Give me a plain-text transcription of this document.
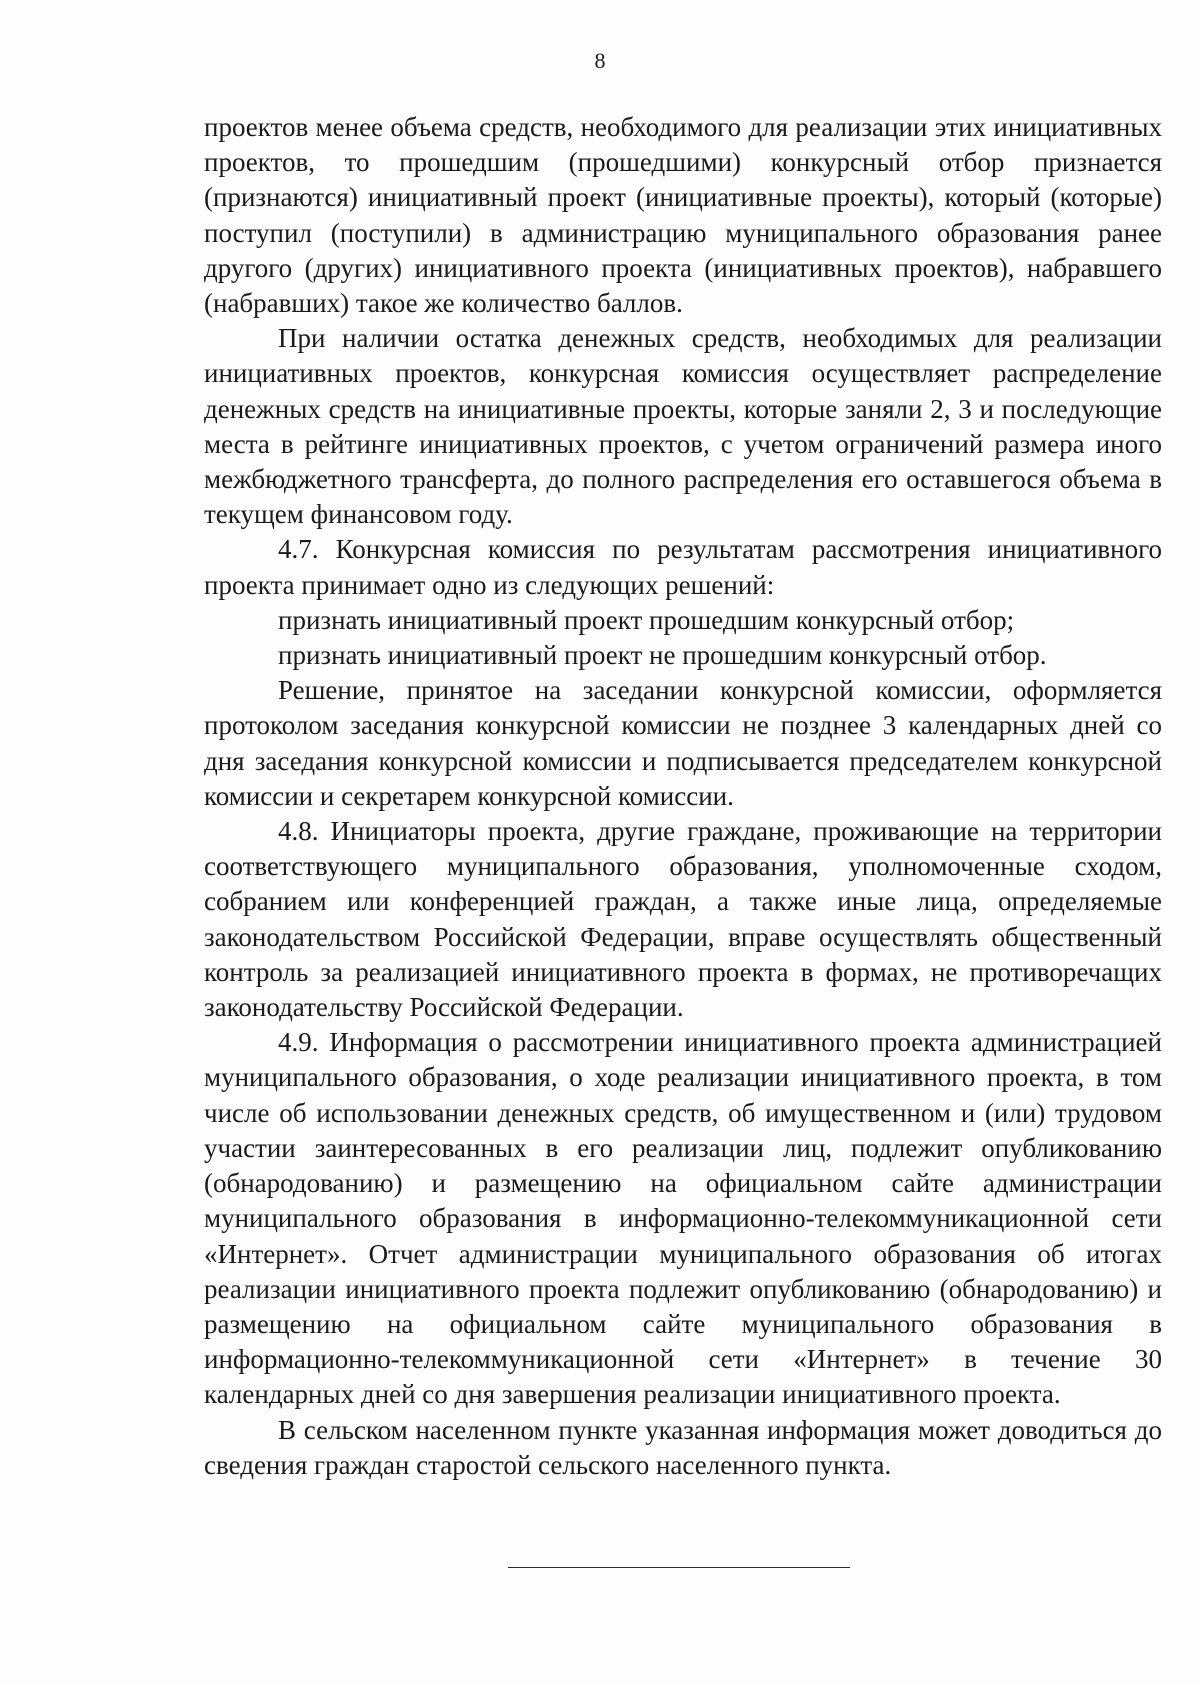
8

проектов менее объема средств, необходимого для реализации этих инициативных проектов, то прошедшим (прошедшими) конкурсный отбор признается (признаются) инициативный проект (инициативные проекты), который (которые) поступил (поступили) в администрацию муниципального образования ранее другого (других) инициативного проекта (инициативных проектов), набравшего (набравших) такое же количество баллов.

При наличии остатка денежных средств, необходимых для реализации инициативных проектов, конкурсная комиссия осуществляет распределение денежных средств на инициативные проекты, которые заняли 2, 3 и последующие места в рейтинге инициативных проектов, с учетом ограничений размера иного межбюджетного трансферта, до полного распределения его оставшегося объема в текущем финансовом году.

4.7. Конкурсная комиссия по результатам рассмотрения инициативного проекта принимает одно из следующих решений:

признать инициативный проект прошедшим конкурсный отбор;

признать инициативный проект не прошедшим конкурсный отбор.

Решение, принятое на заседании конкурсной комиссии, оформляется протоколом заседания конкурсной комиссии не позднее 3 календарных дней со дня заседания конкурсной комиссии и подписывается председателем конкурсной комиссии и секретарем конкурсной комиссии.

4.8. Инициаторы проекта, другие граждане, проживающие на территории соответствующего муниципального образования, уполномоченные сходом, собранием или конференцией граждан, а также иные лица, определяемые законодательством Российской Федерации, вправе осуществлять общественный контроль за реализацией инициативного проекта в формах, не противоречащих законодательству Российской Федерации.

4.9. Информация о рассмотрении инициативного проекта администрацией муниципального образования, о ходе реализации инициативного проекта, в том числе об использовании денежных средств, об имущественном и (или) трудовом участии заинтересованных в его реализации лиц, подлежит опубликованию (обнародованию) и размещению на официальном сайте администрации муниципального образования в информационно-телекоммуникационной сети «Интернет». Отчет администрации муниципального образования об итогах реализации инициативного проекта подлежит опубликованию (обнародованию) и размещению на официальном сайте муниципального образования в информационно-телекоммуникационной сети «Интернет» в течение 30 календарных дней со дня завершения реализации инициативного проекта.

В сельском населенном пункте указанная информация может доводиться до сведения граждан старостой сельского населенного пункта.
